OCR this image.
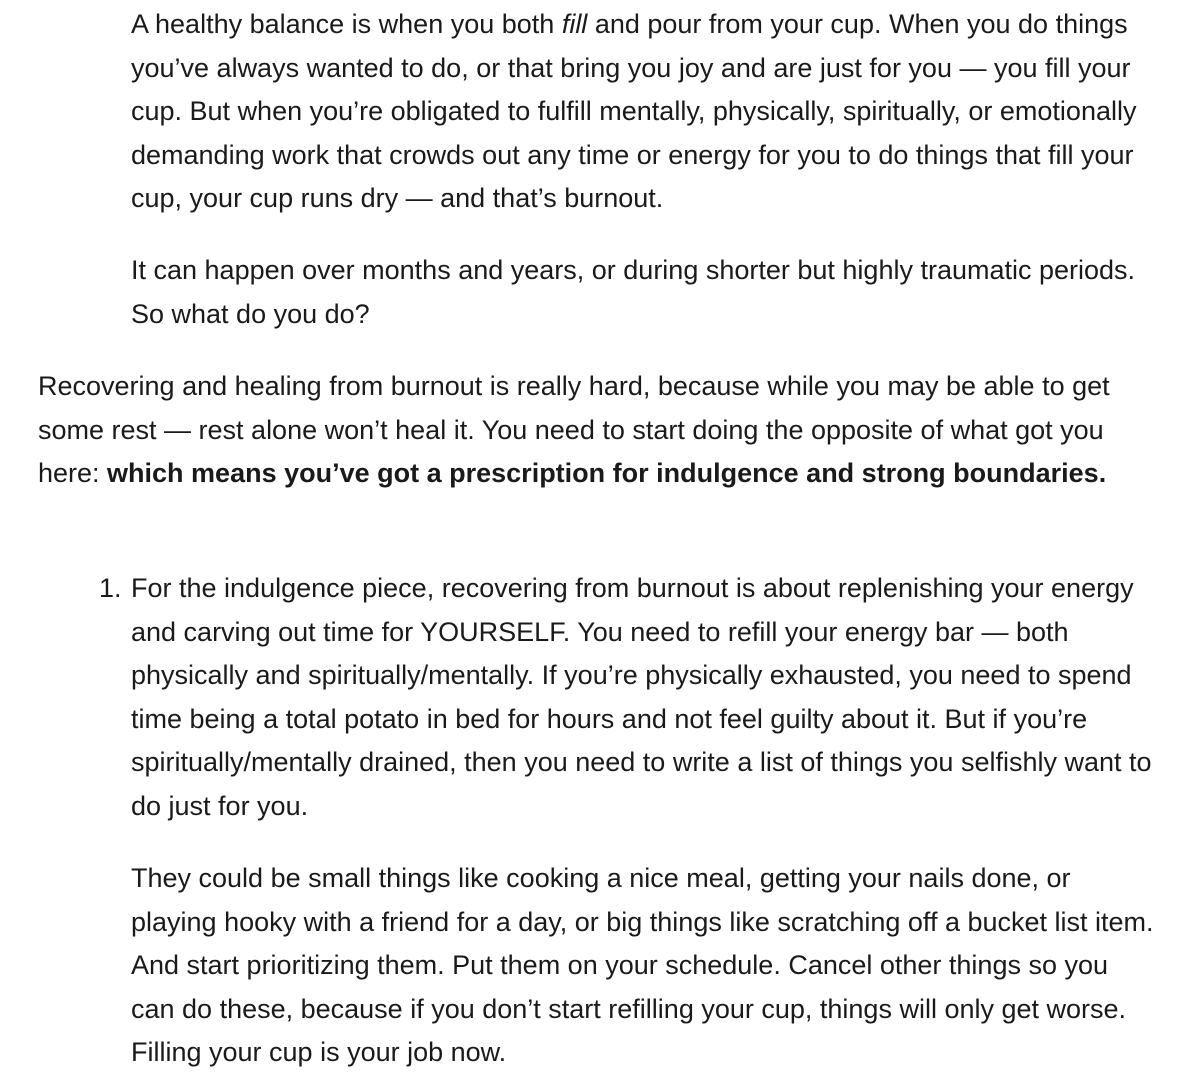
A healthy balance is when you both fill and pour from your cup. When you do things you’ve always wanted to do, or that bring you joy and are just for you — you fill your cup. But when you’re obligated to fulfill mentally, physically, spiritually, or emotionally demanding work that crowds out any time or energy for you to do things that fill your cup, your cup runs dry — and that’s burnout.

It can happen over months and years, or during shorter but highly traumatic periods. So what do you do?

Recovering and healing from burnout is really hard, because while you may be able to get some rest — rest alone won’t heal it. You need to start doing the opposite of what got you here: which means you’ve got a prescription for indulgence and strong boundaries.

1. For the indulgence piece, recovering from burnout is about replenishing your energy and carving out time for YOURSELF. You need to refill your energy bar — both physically and spiritually/mentally. If you’re physically exhausted, you need to spend time being a total potato in bed for hours and not feel guilty about it. But if you’re spiritually/mentally drained, then you need to write a list of things you selfishly want to do just for you.

They could be small things like cooking a nice meal, getting your nails done, or playing hooky with a friend for a day, or big things like scratching off a bucket list item. And start prioritizing them. Put them on your schedule. Cancel other things so you can do these, because if you don’t start refilling your cup, things will only get worse. Filling your cup is your job now.
